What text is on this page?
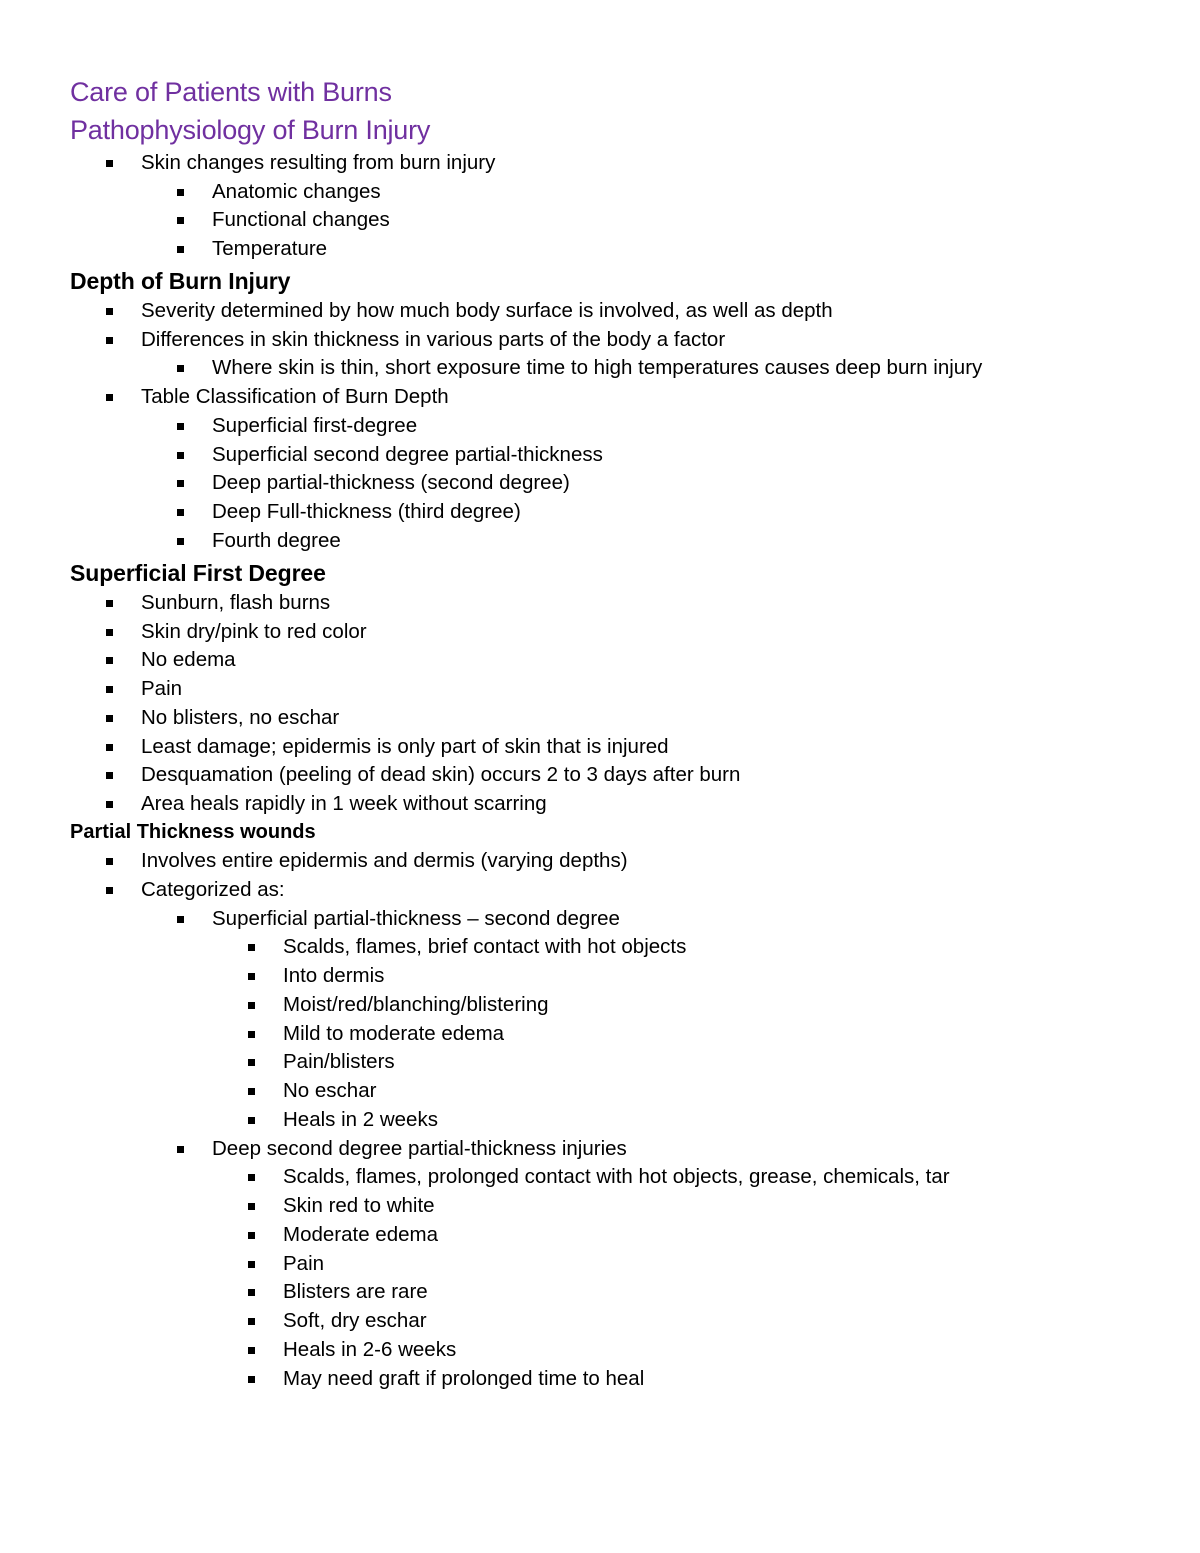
Care of Patients with Burns
Pathophysiology of Burn Injury
Skin changes resulting from burn injury
Anatomic changes
Functional changes
Temperature
Depth of Burn Injury
Severity determined by how much body surface is involved, as well as depth
Differences in skin thickness in various parts of the body a factor
Where skin is thin, short exposure time to high temperatures causes deep burn injury
Table Classification of Burn Depth
Superficial first-degree
Superficial second degree partial-thickness
Deep partial-thickness (second degree)
Deep Full-thickness (third degree)
Fourth degree
Superficial First Degree
Sunburn, flash burns
Skin dry/pink to red color
No edema
Pain
No blisters, no eschar
Least damage; epidermis is only part of skin that is injured
Desquamation (peeling of dead skin) occurs 2 to 3 days after burn
Area heals rapidly in 1 week without scarring
Partial Thickness wounds
Involves entire epidermis and dermis (varying depths)
Categorized as:
Superficial partial-thickness – second degree
Scalds, flames, brief contact with hot objects
Into dermis
Moist/red/blanching/blistering
Mild to moderate edema
Pain/blisters
No eschar
Heals in 2 weeks
Deep second degree partial-thickness injuries
Scalds, flames, prolonged contact with hot objects, grease, chemicals, tar
Skin red to white
Moderate edema
Pain
Blisters are rare
Soft, dry eschar
Heals in 2-6 weeks
May need graft if prolonged time to heal
